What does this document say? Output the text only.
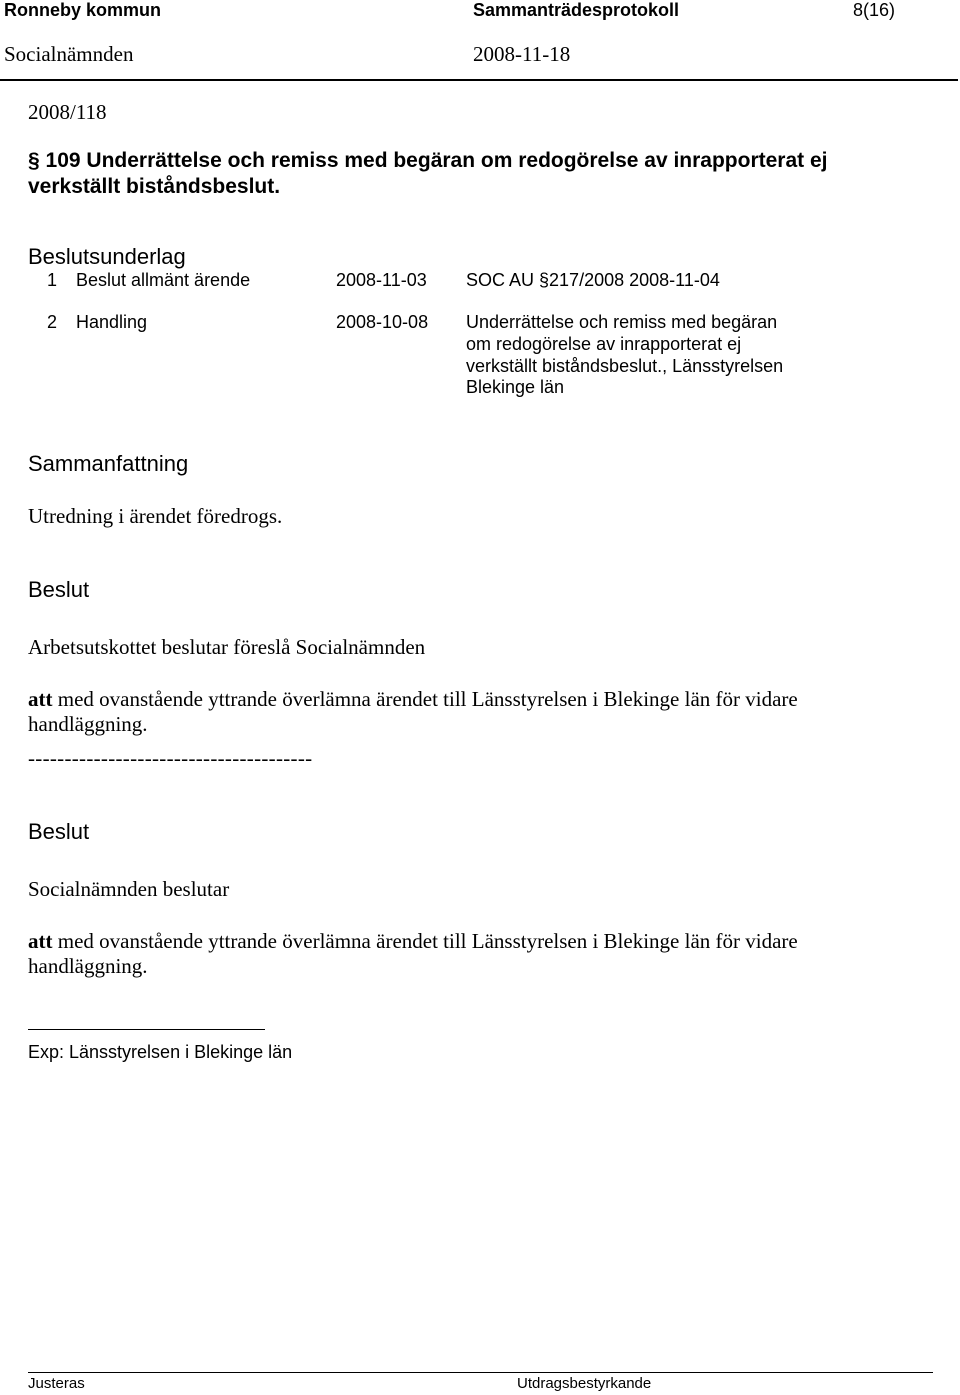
Ronneby kommun	Sammanträdesprotokoll	8(16)
Socialnämnden	2008-11-18
2008/118
§ 109 Underrättelse och remiss med begäran om redogörelse av inrapporterat ej
verkställt biståndsbeslut.
Beslutsunderlag
1 Beslut allmänt ärende	2008-11-03 SOC AU §217/2008 2008-11-04
2 Handling	2008-10-08 Underrättelse och remiss med begäran
om redogörelse av inrapporterat ej
verkställt biståndsbeslut., Länsstyrelsen
Blekinge län
Sammanfattning
Utredning i ärendet föredrogs.
Beslut
Arbetsutskottet beslutar föreslå Socialnämnden
att med ovanstående yttrande överlämna ärendet till Länsstyrelsen i Blekinge län för vidare
handläggning.
---------------------------------------
Beslut
Socialnämnden beslutar
att med ovanstående yttrande överlämna ärendet till Länsstyrelsen i Blekinge län för vidare
handläggning.
Exp: Länsstyrelsen i Blekinge län
Justeras	Utdragsbestyrkande
